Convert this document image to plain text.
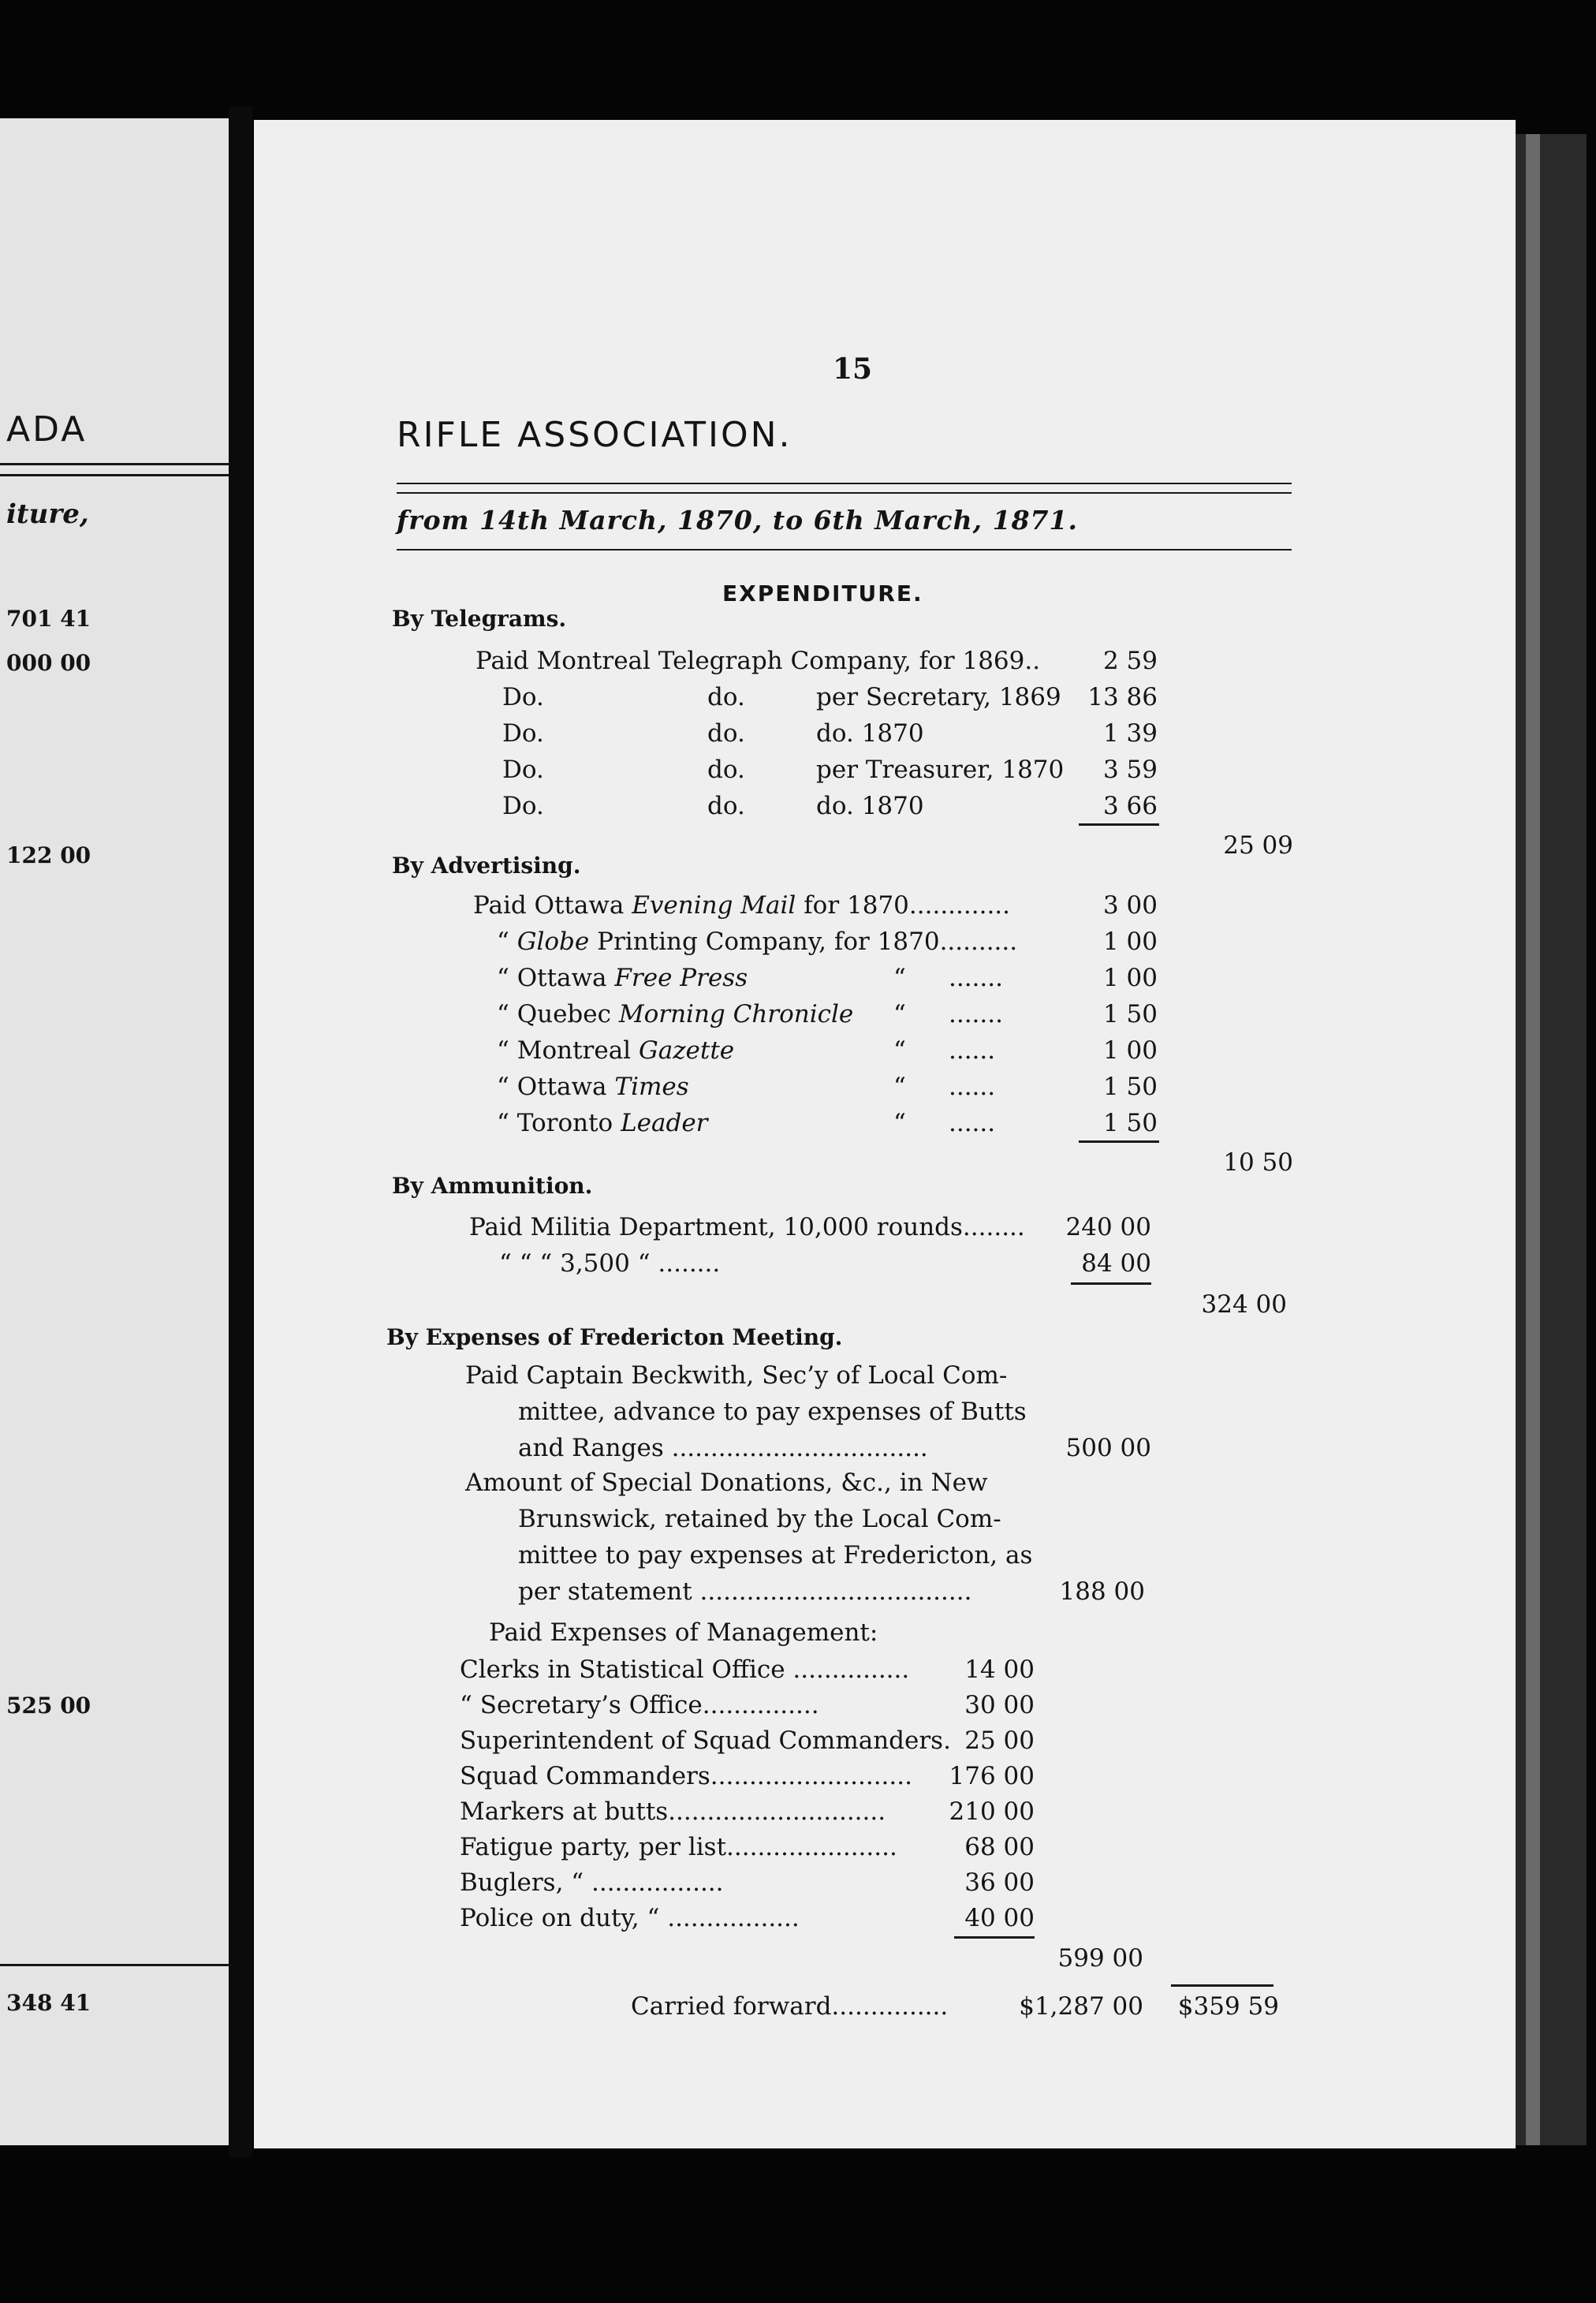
ADA
iture,
701 41
000 00
122 00
525 00
348 41
15
RIFLE ASSOCIATION.
from 14th March, 1870, to 6th March, 1871.
EXPENDITURE.
By Telegrams.
Paid Montreal Telegraph Company, for 1869..	2 59
Do.	do.	per Secretary, 1869	13 86
Do.	do.	do. 1870	1 39
Do.	do.	per Treasurer, 1870	3 59
Do.	do.	do. 1870	3 66
25 09
By Advertising.
Paid Ottawa Evening Mail for 1870.............	3 00
“ Globe Printing Company, for 1870..........	1 00
“ Ottawa Free Press	“ .......	1 00
“ Quebec Morning Chronicle “ .......	1 50
“ Montreal Gazette	“ ......	1 00
“ Ottawa Times	“ ......	1 50
“ Toronto Leader	“ ......	1 50
10 50
By Ammunition.
Paid Militia Department, 10,000 rounds........	240 00
“ “ “ 3,500 “ ........	84 00
324 00
By Expenses of Fredericton Meeting.
Paid Captain Beckwith, Sec’y of Local Com-
mittee, advance to pay expenses of Butts
and Ranges .................................	500 00
Amount of Special Donations, &c., in New
Brunswick, retained by the Local Com-
mittee to pay expenses at Fredericton, as
per statement ...................................	188 00
Paid Expenses of Management:
Clerks in Statistical Office ...............	14 00
“ Secretary’s Office...............	30 00
Superintendent of Squad Commanders. 25 00
Squad Commanders..........................	176 00
Markers at butts............................	210 00
Fatigue party, per list......................	68 00
Buglers, “ .................	36 00
Police on duty, “ .................	40 00
599 00
Carried forward...............	$1,287 00	$359 59
